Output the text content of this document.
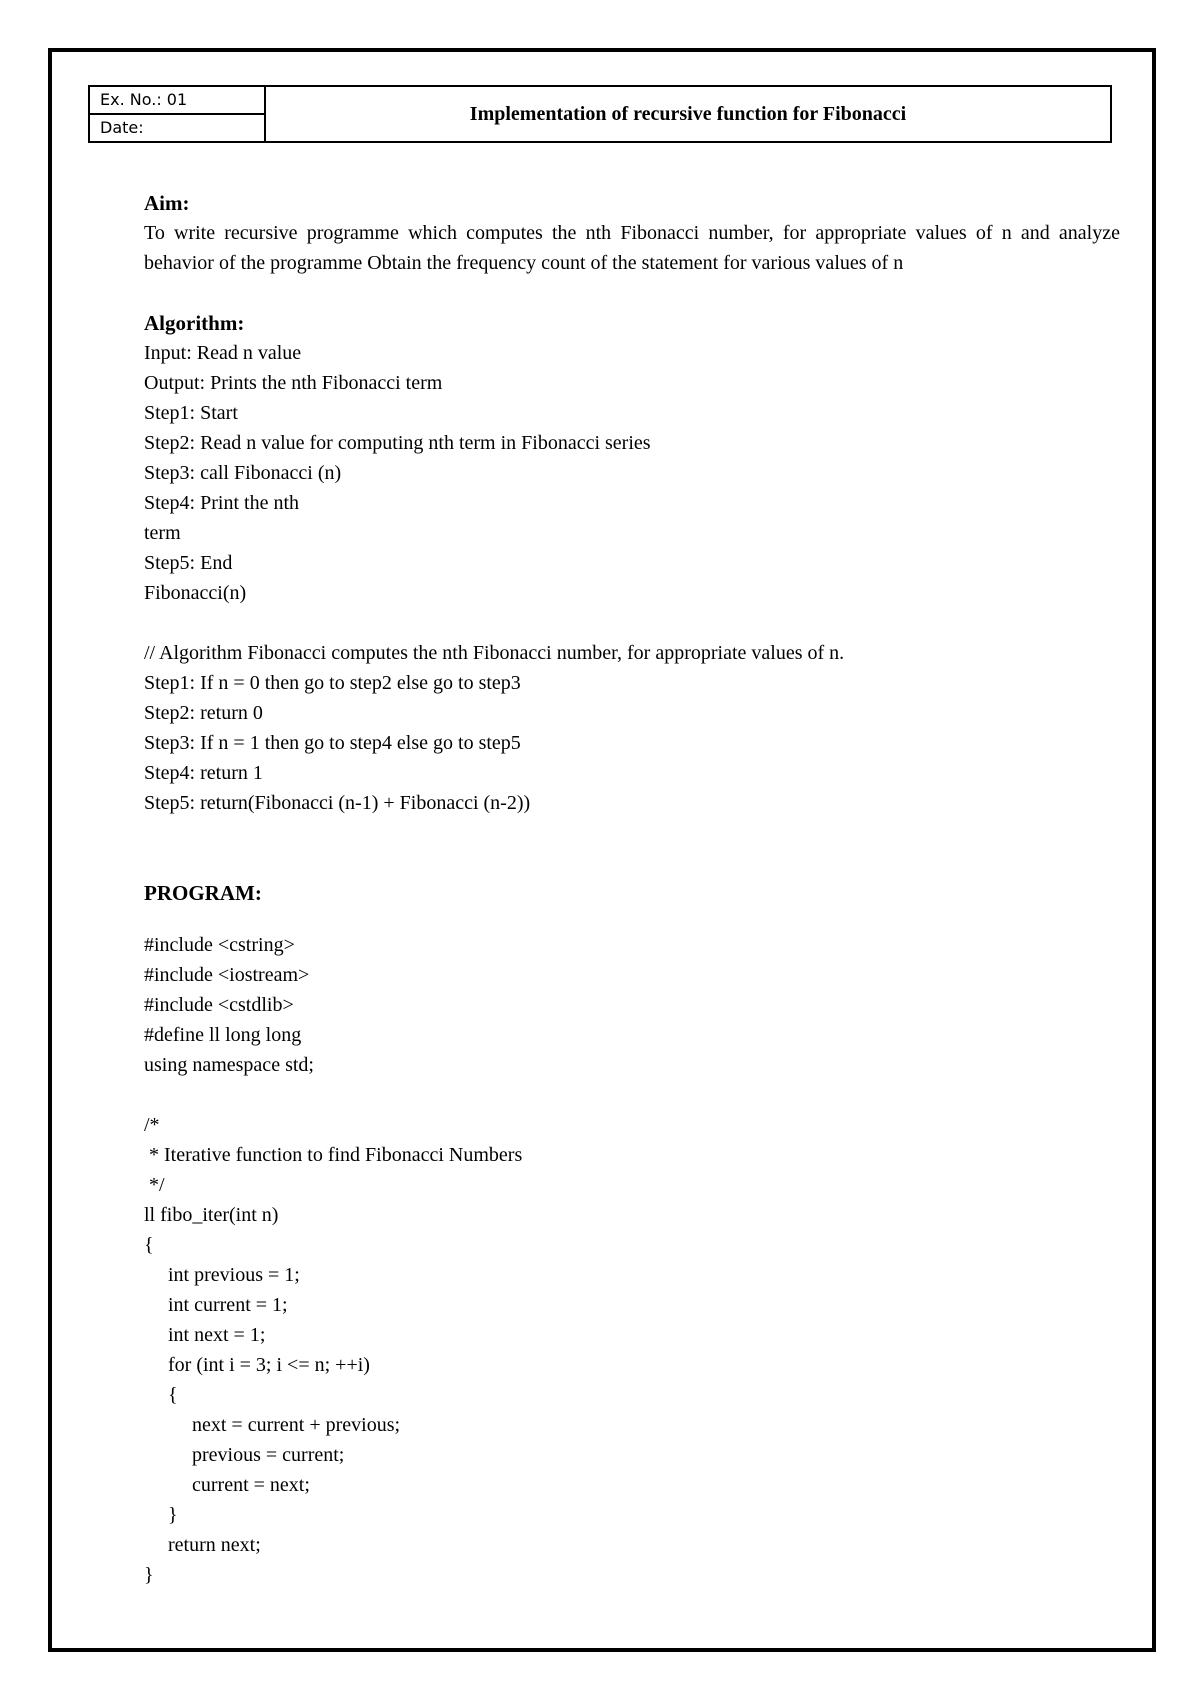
Ex. No.: 01
Date:
Implementation of recursive function for Fibonacci
Aim:
To write recursive programme which computes the nth Fibonacci number, for appropriate values of n and analyze behavior of the programme Obtain the frequency count of the statement for various values of n
Algorithm:
Input: Read n value
Output: Prints the nth Fibonacci term
Step1: Start
Step2: Read n value for computing nth term in Fibonacci series
Step3: call Fibonacci (n)
Step4: Print the nth
term
Step5: End
Fibonacci(n)
// Algorithm Fibonacci computes the nth Fibonacci number, for appropriate values of n.
Step1: If n = 0 then go to step2 else go to step3
Step2: return 0
Step3: If n = 1 then go to step4 else go to step5
Step4: return 1
Step5: return(Fibonacci (n-1) + Fibonacci (n-2))
PROGRAM:
#include <cstring>
#include <iostream>
#include <cstdlib>
#define ll long long
using namespace std;
/*
* Iterative function to find Fibonacci Numbers
*/
ll fibo_iter(int n)
{
int previous = 1;
int current = 1;
int next = 1;
for (int i = 3; i <= n; ++i)
{
next = current + previous;
previous = current;
current = next;
}
return next;
}
